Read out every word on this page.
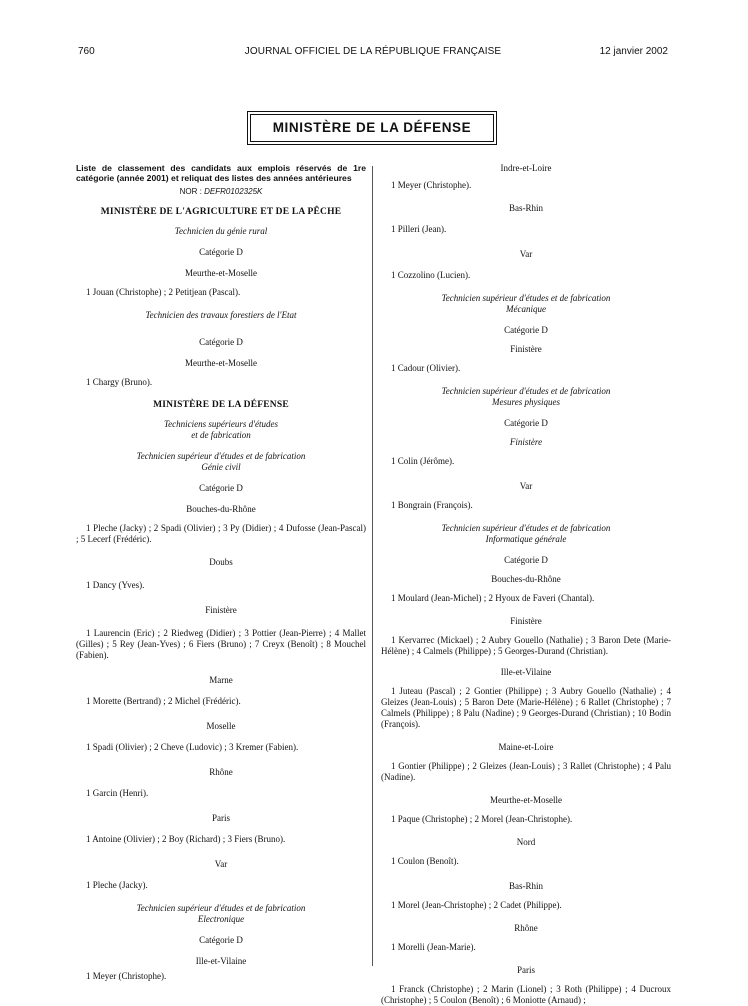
760	JOURNAL OFFICIEL DE LA RÉPUBLIQUE FRANÇAISE	12 janvier 2002
MINISTÈRE DE LA DÉFENSE
Liste de classement des candidats aux emplois réservés de 1re catégorie (année 2001) et reliquat des listes des années antérieures
NOR : DEFR0102325K
MINISTÈRE DE L'AGRICULTURE ET DE LA PÊCHE
Technicien du génie rural
Catégorie D
Meurthe-et-Moselle
1 Jouan (Christophe) ; 2 Petitjean (Pascal).
Technicien des travaux forestiers de l'Etat
Catégorie D
Meurthe-et-Moselle
1 Chargy (Bruno).
MINISTÈRE DE LA DÉFENSE
Techniciens supérieurs d'études
et de fabrication
Technicien supérieur d'études et de fabrication
Génie civil
Catégorie D
Bouches-du-Rhône
1 Pleche (Jacky) ; 2 Spadi (Olivier) ; 3 Py (Didier) ; 4 Dufosse (Jean-Pascal) ; 5 Lecerf (Frédéric).
Doubs
1 Dancy (Yves).
Finistère
1 Laurencin (Eric) ; 2 Riedweg (Didier) ; 3 Pottier (Jean-Pierre) ; 4 Mallet (Gilles) ; 5 Rey (Jean-Yves) ; 6 Fiers (Bruno) ; 7 Creyx (Benoît) ; 8 Mouchel (Fabien).
Marne
1 Morette (Bertrand) ; 2 Michel (Frédéric).
Moselle
1 Spadi (Olivier) ; 2 Cheve (Ludovic) ; 3 Kremer (Fabien).
Rhône
1 Garcin (Henri).
Paris
1 Antoine (Olivier) ; 2 Boy (Richard) ; 3 Fiers (Bruno).
Var
1 Pleche (Jacky).
Technicien supérieur d'études et de fabrication
Electronique
Catégorie D
Ille-et-Vilaine
1 Meyer (Christophe).
Indre-et-Loire
1 Meyer (Christophe).
Bas-Rhin
1 Pilleri (Jean).
Var
1 Cozzolino (Lucien).
Technicien supérieur d'études et de fabrication
Mécanique
Catégorie D
Finistère
1 Cadour (Olivier).
Technicien supérieur d'études et de fabrication
Mesures physiques
Catégorie D
Finistère
1 Colin (Jérôme).
Var
1 Bongrain (François).
Technicien supérieur d'études et de fabrication
Informatique générale
Catégorie D
Bouches-du-Rhône
1 Moulard (Jean-Michel) ; 2 Hyoux de Faveri (Chantal).
Finistère
1 Kervarrec (Mickael) ; 2 Aubry Gouello (Nathalie) ; 3 Baron Dete (Marie-Hélène) ; 4 Calmels (Philippe) ; 5 Georges-Durand (Christian).
Ille-et-Vilaine
1 Juteau (Pascal) ; 2 Gontier (Philippe) ; 3 Aubry Gouello (Nathalie) ; 4 Gleizes (Jean-Louis) ; 5 Baron Dete (Marie-Hélène) ; 6 Rallet (Christophe) ; 7 Calmels (Philippe) ; 8 Palu (Nadine) ; 9 Georges-Durand (Christian) ; 10 Bodin (François).
Maine-et-Loire
1 Gontier (Philippe) ; 2 Gleizes (Jean-Louis) ; 3 Rallet (Christophe) ; 4 Palu (Nadine).
Meurthe-et-Moselle
1 Paque (Christophe) ; 2 Morel (Jean-Christophe).
Nord
1 Coulon (Benoît).
Bas-Rhin
1 Morel (Jean-Christophe) ; 2 Cadet (Philippe).
Rhône
1 Morelli (Jean-Marie).
Paris
1 Franck (Christophe) ; 2 Marin (Lionel) ; 3 Roth (Philippe) ; 4 Ducroux (Christophe) ; 5 Coulon (Benoît) ; 6 Moniotte (Arnaud) ;
